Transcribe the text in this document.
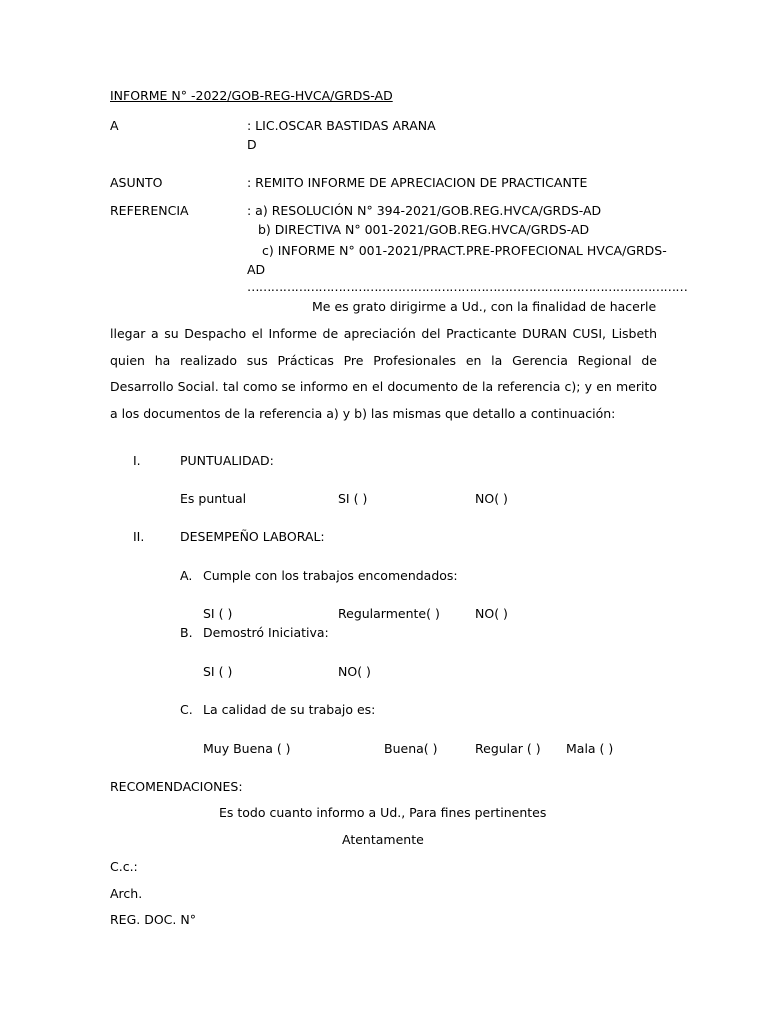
INFORME N° -2022/GOB-REG-HVCA/GRDS-AD
A	: LIC.OSCAR BASTIDAS ARANA
D
ASUNTO	: REMITO INFORME DE APRECIACION DE PRACTICANTE
REFERENCIA	: a) RESOLUCIÓN N° 394-2021/GOB.REG.HVCA/GRDS-AD
b) DIRECTIVA N° 001-2021/GOB.REG.HVCA/GRDS-AD
c) INFORME N° 001-2021/PRACT.PRE-PROFECIONAL HVCA/GRDS-
AD
…………………………………………………………………………………………………
Me es grato dirigirme a Ud., con la finalidad de hacerle
llegar a su Despacho el Informe de apreciación del Practicante DURAN CUSI, Lisbeth
quien ha realizado sus Prácticas Pre Profesionales en la Gerencia Regional de
Desarrollo Social. tal como se informo en el documento de la referencia c); y en merito
a los documentos de la referencia a) y b) las mismas que detallo a continuación:
I.	PUNTUALIDAD:
Es puntual	SI ( )	NO( )
II.	DESEMPEÑO LABORAL:
A. Cumple con los trabajos encomendados:
SI ( )	Regularmente( )	NO( )
B. Demostró Iniciativa:
SI ( )	NO( )
C. La calidad de su trabajo es:
Muy Buena ( )	Buena( )	Regular ( ) Mala ( )
RECOMENDACIONES:
Es todo cuanto informo a Ud., Para fines pertinentes
Atentamente
C.c.:
Arch.
REG. DOC. N°
